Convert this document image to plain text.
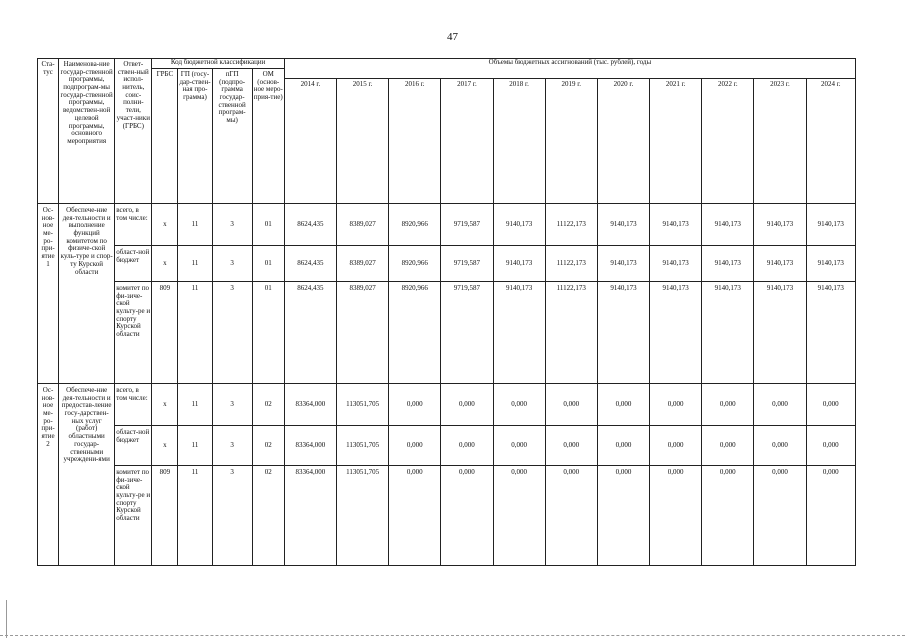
47
Ста-тус	Наименова-ние государ-ственной программы, подпрограм-мы государ-ственной программы, ведомствен-ной целевой программы, основного мероприятия	Ответ-ствен-ный испол-нитель, соис-полни-тели, участ-ники (ГРБС)	Код бюджетной классификации				Объемы бюджетных ассигнований (тыс. рублей), годы										
			ГРБС	ГП (госу-дар-ствен-ная про-грамма)	пГП (подпро-грамма государ-ственной програм-мы)	ОМ (основ-ное меро-прия-тие)											
							2014 г.	2015 г.	2016 г.	2017 г.	2018 г.	2019 г.	2020 г.	2021 г.	2022 г.	2023 г.	2024 г.
Ос-нов-ное ме-ро-при-ятие 1	Обеспече-ние дея-тельности и выполнение функций комитетом по физиче-ской куль-туре и спор-ту Курской области	всего, в том числе:	x	11	3	01	8624,435	8389,027	8920,966	9719,587	9140,173	11122,173	9140,173	9140,173	9140,173	9140,173	9140,173
		област-ной бюджет	x	11	3	01	8624,435	8389,027	8920,966	9719,587	9140,173	11122,173	9140,173	9140,173	9140,173	9140,173	9140,173
		комитет по фи-зиче-ской культу-ре и спорту Курской области	809	11	3	01	8624,435	8389,027	8920,966	9719,587	9140,173	11122,173	9140,173	9140,173	9140,173	9140,173	9140,173
Ос-нов-ное ме-ро-при-ятие 2	Обеспече-ние дея-тельности и предостав-ление госу-дарствен-ных услуг (работ) областными государ-ственными учреждени-ями	всего, в том числе:	x	11	3	02	83364,000	113051,705	0,000	0,000	0,000	0,000	0,000	0,000	0,000	0,000	0,000
		област-ной бюджет	x	11	3	02	83364,000	113051,705	0,000	0,000	0,000	0,000	0,000	0,000	0,000	0,000	0,000
		комитет по фи-зиче-ской культу-ре и спорту Курской области	809	11	3	02	83364,000	113051,705	0,000	0,000	0,000	0,000	0,000	0,000	0,000	0,000	0,000
